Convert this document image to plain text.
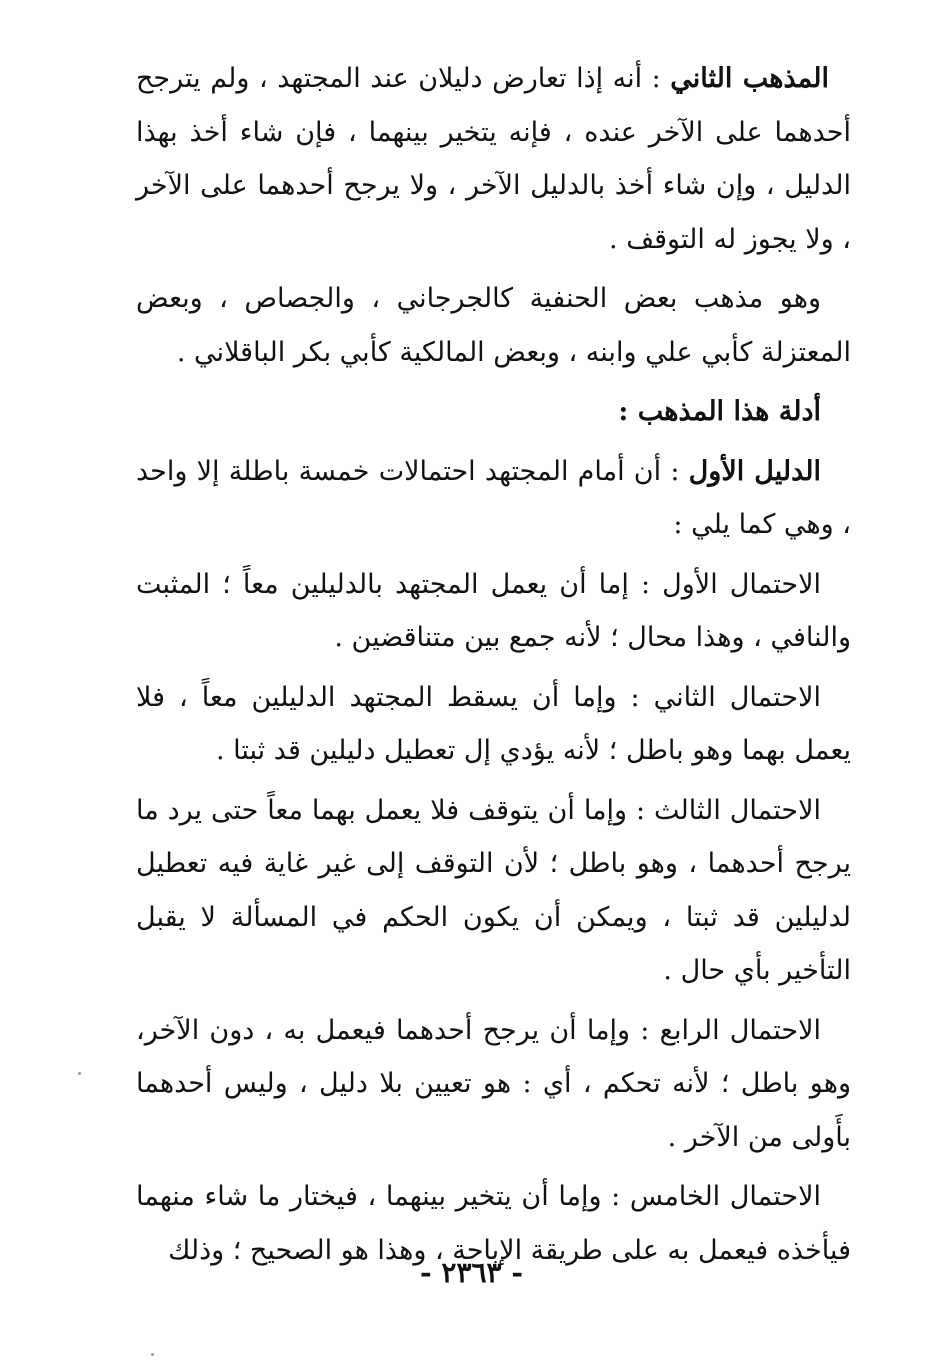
المذهب الثاني : أنه إذا تعارض دليلان عند المجتهد ، ولم يترجح أحدهما على الآخر عنده ، فإنه يتخير بينهما ، فإن شاء أخذ بهذا الدليل ، وإن شاء أخذ بالدليل الآخر ، ولا يرجح أحدهما على الآخر ، ولا يجوز له التوقف .

وهو مذهب بعض الحنفية كالجرجاني ، والجصاص ، وبعض المعتزلة كأبي علي وابنه ، وبعض المالكية كأبي بكر الباقلاني .

أدلة هذا المذهب :

الدليل الأول : أن أمام المجتهد احتمالات خمسة باطلة إلا واحد ، وهي كما يلي :

الاحتمال الأول : إما أن يعمل المجتهد بالدليلين معاً ؛ المثبت والنافي ، وهذا محال ؛ لأنه جمع بين متناقضين .

الاحتمال الثاني : وإما أن يسقط المجتهد الدليلين معاً ، فلا يعمل بهما وهو باطل ؛ لأنه يؤدي إل تعطيل دليلين قد ثبتا .

الاحتمال الثالث : وإما أن يتوقف فلا يعمل بهما معاً حتى يرد ما يرجح أحدهما ، وهو باطل ؛ لأن التوقف إلى غير غاية فيه تعطيل لدليلين قد ثبتا ، ويمكن أن يكون الحكم في المسألة لا يقبل التأخير بأي حال .

الاحتمال الرابع : وإما أن يرجح أحدهما فيعمل به ، دون الآخر، وهو باطل ؛ لأنه تحكم ، أي : هو تعيين بلا دليل ، وليس أحدهما بأَولى من الآخر .

الاحتمال الخامس : وإما أن يتخير بينهما ، فيختار ما شاء منهما فيأخذه فيعمل به على طريقة الإباحة ، وهذا هو الصحيح ؛ وذلك

- ٢٣٦٣ -
